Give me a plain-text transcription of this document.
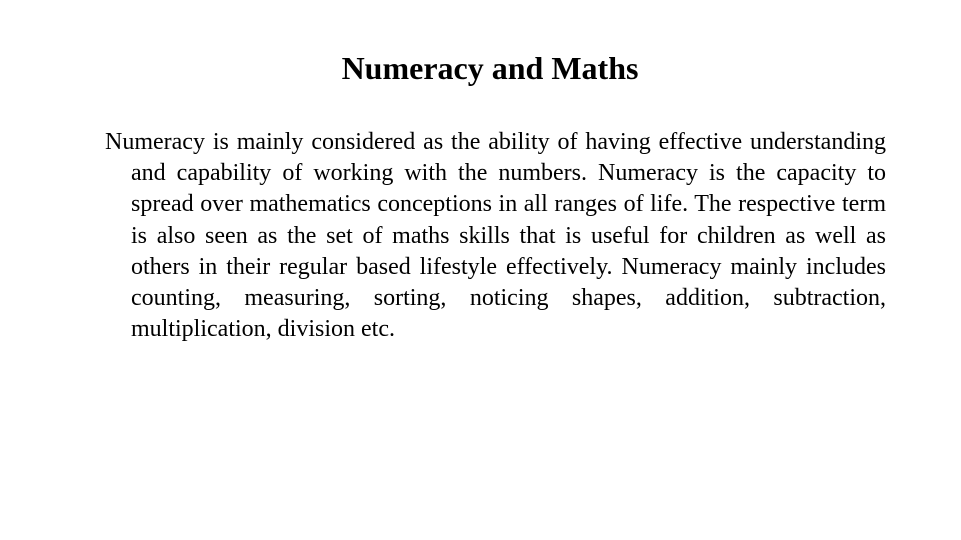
Numeracy and Maths

Numeracy is mainly considered as the ability of having effective understanding and capability of working with the numbers. Numeracy is the capacity to spread over mathematics conceptions in all ranges of life. The respective term is also seen as the set of maths skills that is useful for children as well as others in their regular based lifestyle effectively. Numeracy mainly includes counting, measuring, sorting, noticing shapes, addition, subtraction, multiplication, division etc.
